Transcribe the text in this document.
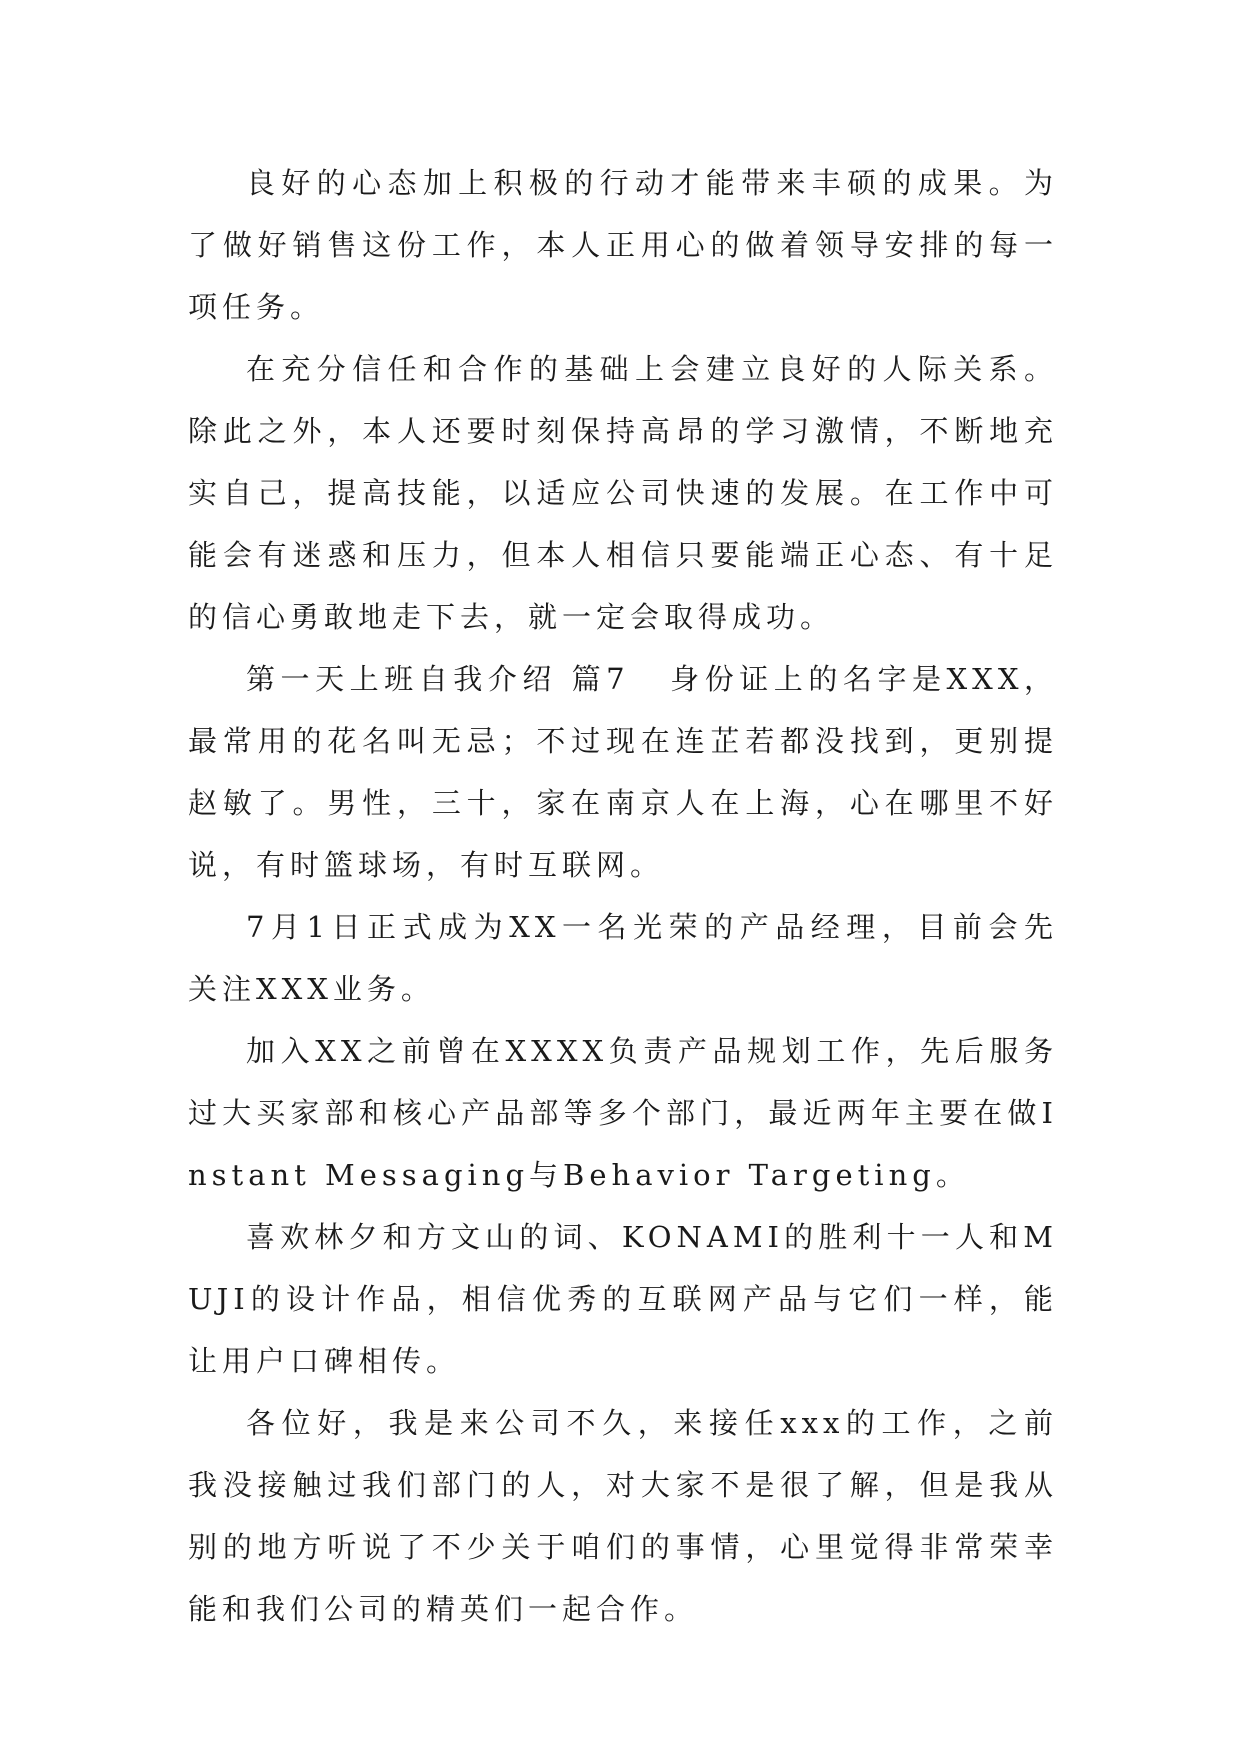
良好的心态加上积极的行动才能带来丰硕的成果。为了做好销售这份工作，本人正用心的做着领导安排的每一项任务。

在充分信任和合作的基础上会建立良好的人际关系。除此之外，本人还要时刻保持高昂的学习激情，不断地充实自己，提高技能，以适应公司快速的发展。在工作中可能会有迷惑和压力，但本人相信只要能端正心态、有十足的信心勇敢地走下去，就一定会取得成功。

第一天上班自我介绍 篇7 身份证上的名字是XXX，最常用的花名叫无忌；不过现在连芷若都没找到，更别提赵敏了。男性，三十，家在南京人在上海，心在哪里不好说，有时篮球场，有时互联网。

7月1日正式成为XX一名光荣的产品经理，目前会先关注XXX业务。

加入XX之前曾在XXXX负责产品规划工作，先后服务过大买家部和核心产品部等多个部门，最近两年主要在做Instant Messaging与Behavior Targeting。

喜欢林夕和方文山的词、KONAMI的胜利十一人和MUJI的设计作品，相信优秀的互联网产品与它们一样，能让用户口碑相传。

各位好，我是来公司不久，来接任xxx的工作，之前我没接触过我们部门的人，对大家不是很了解，但是我从别的地方听说了不少关于咱们的事情，心里觉得非常荣幸能和我们公司的精英们一起合作。
